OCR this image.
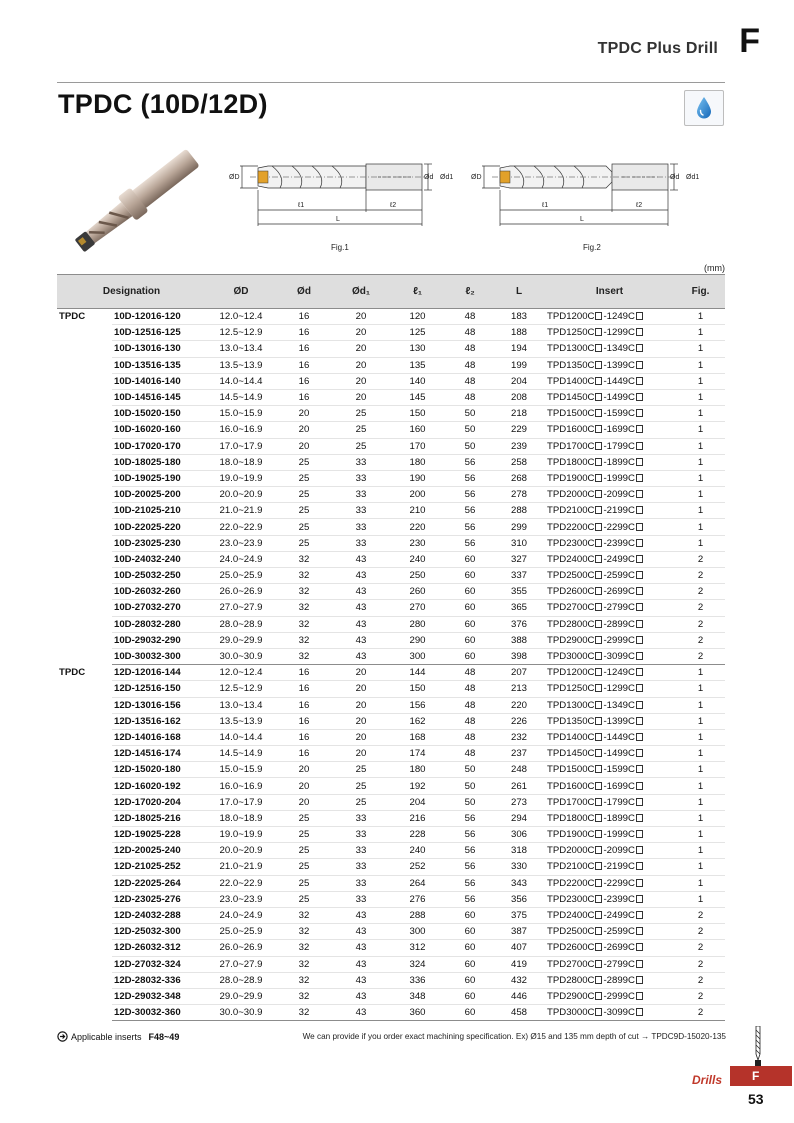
TPDC Plus Drill F
TPDC (10D/12D)
ØD
ℓ1	ℓ2
L
Ød Ød1
Fig.1
ØD
ℓ1	ℓ2
L
Ød Ød1
Fig.2
(mm)
Designation		ØD	Ød	Ød₁	ℓ₁	ℓ₂	L	Insert	Fig.
TPDC	10D-12016-120	12.0~12.4	16	20	120	48	183	TPD1200C -1249C	1
	10D-12516-125	12.5~12.9	16	20	125	48	188	TPD1250C -1299C	1
	10D-13016-130	13.0~13.4	16	20	130	48	194	TPD1300C -1349C	1
	10D-13516-135	13.5~13.9	16	20	135	48	199	TPD1350C -1399C	1
	10D-14016-140	14.0~14.4	16	20	140	48	204	TPD1400C -1449C	1
	10D-14516-145	14.5~14.9	16	20	145	48	208	TPD1450C -1499C	1
	10D-15020-150	15.0~15.9	20	25	150	50	218	TPD1500C -1599C	1
	10D-16020-160	16.0~16.9	20	25	160	50	229	TPD1600C -1699C	1
	10D-17020-170	17.0~17.9	20	25	170	50	239	TPD1700C -1799C	1
	10D-18025-180	18.0~18.9	25	33	180	56	258	TPD1800C -1899C	1
	10D-19025-190	19.0~19.9	25	33	190	56	268	TPD1900C -1999C	1
	10D-20025-200	20.0~20.9	25	33	200	56	278	TPD2000C -2099C	1
	10D-21025-210	21.0~21.9	25	33	210	56	288	TPD2100C -2199C	1
	10D-22025-220	22.0~22.9	25	33	220	56	299	TPD2200C -2299C	1
	10D-23025-230	23.0~23.9	25	33	230	56	310	TPD2300C -2399C	1
	10D-24032-240	24.0~24.9	32	43	240	60	327	TPD2400C -2499C	2
	10D-25032-250	25.0~25.9	32	43	250	60	337	TPD2500C -2599C	2
	10D-26032-260	26.0~26.9	32	43	260	60	355	TPD2600C -2699C	2
	10D-27032-270	27.0~27.9	32	43	270	60	365	TPD2700C -2799C	2
	10D-28032-280	28.0~28.9	32	43	280	60	376	TPD2800C -2899C	2
	10D-29032-290	29.0~29.9	32	43	290	60	388	TPD2900C -2999C	2
	10D-30032-300	30.0~30.9	32	43	300	60	398	TPD3000C -3099C	2
TPDC	12D-12016-144	12.0~12.4	16	20	144	48	207	TPD1200C -1249C	1
	12D-12516-150	12.5~12.9	16	20	150	48	213	TPD1250C -1299C	1
	12D-13016-156	13.0~13.4	16	20	156	48	220	TPD1300C -1349C	1
	12D-13516-162	13.5~13.9	16	20	162	48	226	TPD1350C -1399C	1
	12D-14016-168	14.0~14.4	16	20	168	48	232	TPD1400C -1449C	1
	12D-14516-174	14.5~14.9	16	20	174	48	237	TPD1450C -1499C	1
	12D-15020-180	15.0~15.9	20	25	180	50	248	TPD1500C -1599C	1
	12D-16020-192	16.0~16.9	20	25	192	50	261	TPD1600C -1699C	1
	12D-17020-204	17.0~17.9	20	25	204	50	273	TPD1700C -1799C	1
	12D-18025-216	18.0~18.9	25	33	216	56	294	TPD1800C -1899C	1
	12D-19025-228	19.0~19.9	25	33	228	56	306	TPD1900C -1999C	1
	12D-20025-240	20.0~20.9	25	33	240	56	318	TPD2000C -2099C	1
	12D-21025-252	21.0~21.9	25	33	252	56	330	TPD2100C -2199C	1
	12D-22025-264	22.0~22.9	25	33	264	56	343	TPD2200C -2299C	1
	12D-23025-276	23.0~23.9	25	33	276	56	356	TPD2300C -2399C	1
	12D-24032-288	24.0~24.9	32	43	288	60	375	TPD2400C -2499C	2
	12D-25032-300	25.0~25.9	32	43	300	60	387	TPD2500C -2599C	2
	12D-26032-312	26.0~26.9	32	43	312	60	407	TPD2600C -2699C	2
	12D-27032-324	27.0~27.9	32	43	324	60	419	TPD2700C -2799C	2
	12D-28032-336	28.0~28.9	32	43	336	60	432	TPD2800C -2899C	2
	12D-29032-348	29.0~29.9	32	43	348	60	446	TPD2900C -2999C	2
	12D-30032-360	30.0~30.9	32	43	360	60	458	TPD3000C -3099C	2
Applicable inserts F48~49	We can provide if you order exact machining specification. Ex) Ø15 and 135 mm depth of cut → TPDC9D-15020-135
Drills	F
53
